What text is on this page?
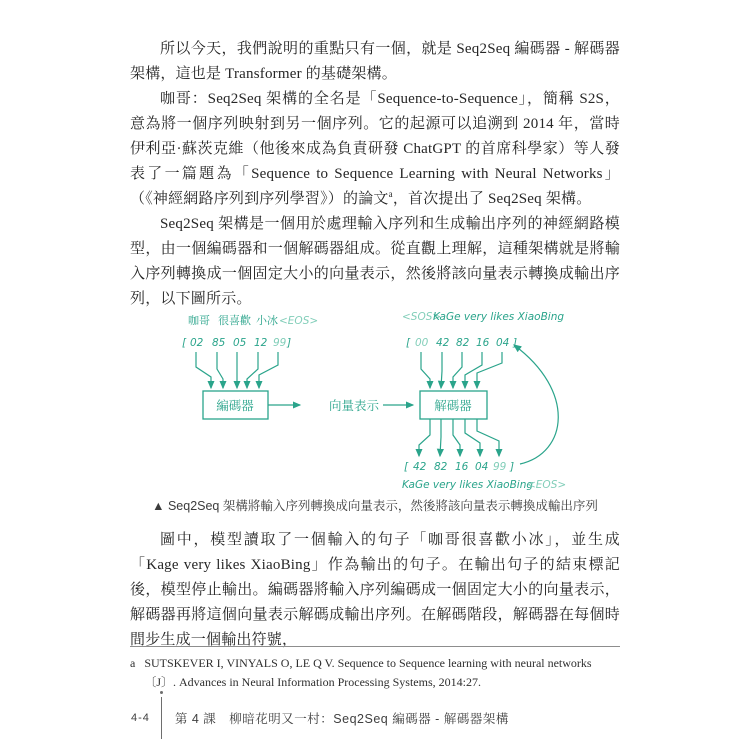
所以今天，我們說明的重點只有一個，就是 Seq2Seq 編碼器 - 解碼器架構，這也是 Transformer 的基礎架構。

咖哥：Seq2Seq 架構的全名是「Sequence-to-Sequence」，簡稱 S2S，意為將一個序列映射到另一個序列。它的起源可以追溯到 2014 年，當時伊利亞·蘇茨克維（他後來成為負責研發 ChatGPT 的首席科學家）等人發表了一篇題為「Sequence to Sequence Learning with Neural Networks」（《神經網路序列到序列學習》）的論文$^a$，首次提出了 Seq2Seq 架構。

Seq2Seq 架構是一個用於處理輸入序列和生成輸出序列的神經網路模型，由一個編碼器和一個解碼器組成。從直觀上理解，這種架構就是將輸入序列轉換成一個固定大小的向量表示，然後將該向量表示轉換成輸出序列，以下圖所示。

咖哥 很喜歡 小冰 <EOS>
[ 02 85 05 12 99 ]
編碼器	向量表示	解碼器
<SOS>
KaGe very likes XiaoBing
[ 00 42 82 16 04 ]
[ 42 82 16 04 99 ]
KaGe very likes XiaoBing
<EOS>
▲ Seq2Seq 架構將輸入序列轉換成向量表示，然後將該向量表示轉換成輸出序列

圖中，模型讀取了一個輸入的句子「咖哥很喜歡小冰」，並生成「Kage very likes XiaoBing」作為輸出的句子。在輸出句子的結束標記後，模型停止輸出。編碼器將輸入序列編碼成一個固定大小的向量表示，解碼器再將這個向量表示解碼成輸出序列。在解碼階段，解碼器在每個時間步生成一個輸出符號，

a SUTSKEVER I, VINYALS O, LE Q V. Sequence to Sequence learning with neural networks 〔J〕. Advances in Neural Information Processing Systems, 2014:27.
4-4 第 4 課　柳暗花明又一村：Seq2Seq 編碼器 - 解碼器架構
